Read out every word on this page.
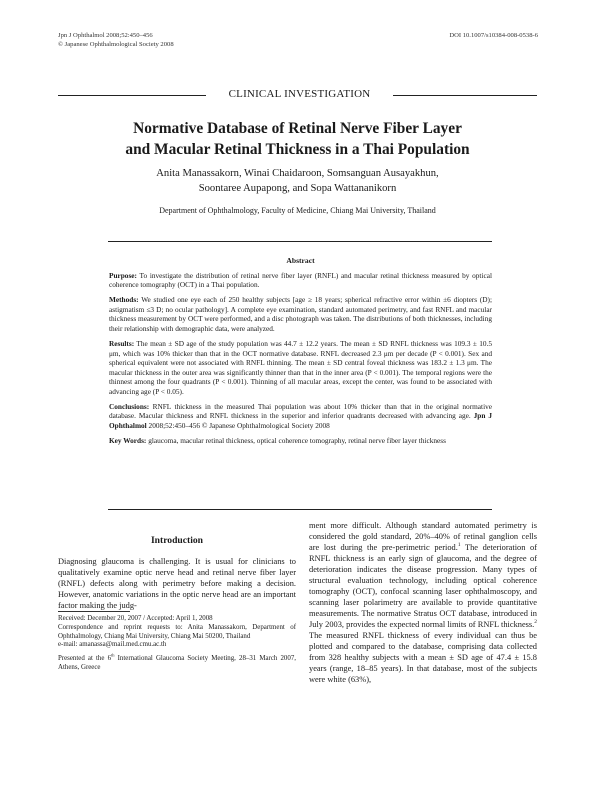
Jpn J Ophthalmol 2008;52:450–456
© Japanese Ophthalmological Society 2008
DOI 10.1007/s10384-008-0538-6
CLINICAL INVESTIGATION
Normative Database of Retinal Nerve Fiber Layer
and Macular Retinal Thickness in a Thai Population
Anita Manassakorn, Winai Chaidaroon, Somsanguan Ausayakhun,
Soontaree Aupapong, and Sopa Wattananikorn
Department of Ophthalmology, Faculty of Medicine, Chiang Mai University, Thailand
Abstract

Purpose: To investigate the distribution of retinal nerve fiber layer (RNFL) and macular retinal thickness measured by optical coherence tomography (OCT) in a Thai population.

Methods: We studied one eye each of 250 healthy subjects [age ≥ 18 years; spherical refractive error within ±6 diopters (D); astigmatism ≤3 D; no ocular pathology]. A complete eye examination, standard automated perimetry, and fast RNFL and macular thickness measurement by OCT were performed, and a disc photograph was taken. The distributions of both thicknesses, including their relationship with demographic data, were analyzed.

Results: The mean ± SD age of the study population was 44.7 ± 12.2 years. The mean ± SD RNFL thickness was 109.3 ± 10.5 μm, which was 10% thicker than that in the OCT normative database. RNFL decreased 2.3 μm per decade (P < 0.001). Sex and spherical equivalent were not associated with RNFL thinning. The mean ± SD central foveal thickness was 183.2 ± 1.3 μm. The macular thickness in the outer area was significantly thinner than that in the inner area (P < 0.001). The temporal regions were the thinnest among the four quadrants (P < 0.001). Thinning of all macular areas, except the center, was found to be associated with advancing age (P < 0.05).

Conclusions: RNFL thickness in the measured Thai population was about 10% thicker than that in the original normative database. Macular thickness and RNFL thickness in the superior and inferior quadrants decreased with advancing age. Jpn J Ophthalmol 2008;52:450–456 © Japanese Ophthalmological Society 2008

Key Words: glaucoma, macular retinal thickness, optical coherence tomography, retinal nerve fiber layer thickness

Introduction

Diagnosing glaucoma is challenging. It is usual for clinicians to qualitatively examine optic nerve head and retinal nerve fiber layer (RNFL) defects along with perimetry before making a decision. However, anatomic variations in the optic nerve head are an important factor making the judg-

Received: December 20, 2007 / Accepted: April 1, 2008

Correspondence and reprint requests to: Anita Manassakorn, Department of Ophthalmology, Chiang Mai University, Chiang Mai 50200, Thailand

e-mail: amanassa@mail.med.cmu.ac.th

Presented at the 6th International Glaucoma Society Meeting, 28–31 March 2007, Athens, Greece

ment more difficult. Although standard automated perimetry is considered the gold standard, 20%–40% of retinal ganglion cells are lost during the pre-perimetric period.$^1$ The deterioration of RNFL thickness is an early sign of glaucoma, and the degree of deterioration indicates the disease progression. Many types of structural evaluation technology, including optical coherence tomography (OCT), confocal scanning laser ophthalmoscopy, and scanning laser polarimetry are available to provide quantitative measurements. The normative Stratus OCT database, introduced in July 2003, provides the expected normal limits of RNFL thickness.$^2$ The measured RNFL thickness of every individual can thus be plotted and compared to the database, comprising data collected from 328 healthy subjects with a mean ± SD age of 47.4 ± 15.8 years (range, 18–85 years). In that database, most of the subjects were white (63%),
